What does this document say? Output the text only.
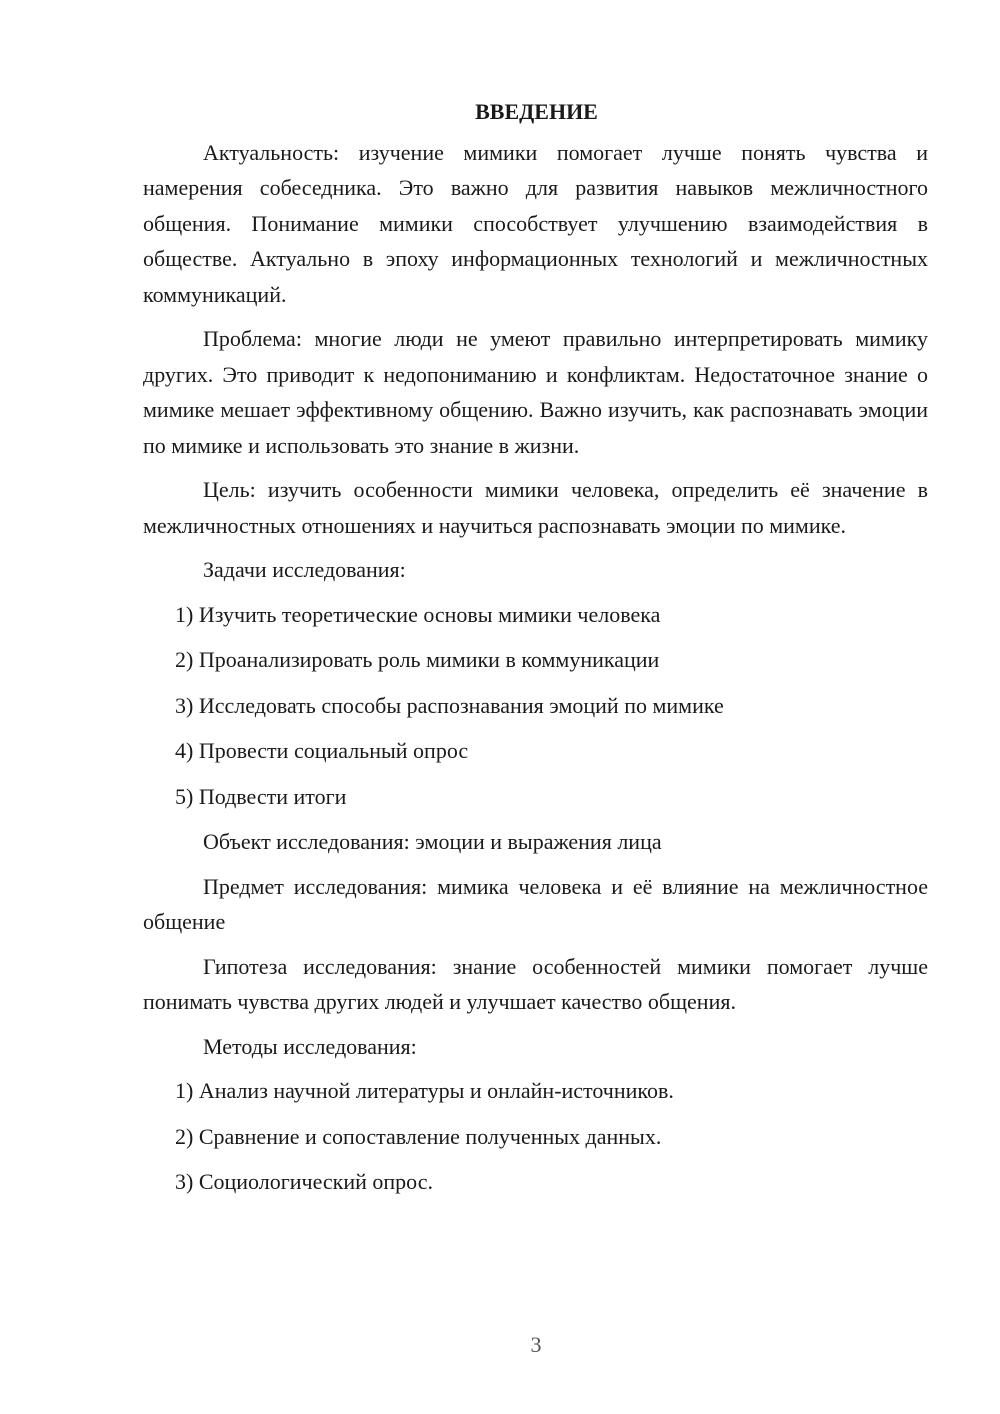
ВВЕДЕНИЕ

Актуальность: изучение мимики помогает лучше понять чувства и намерения собеседника. Это важно для развития навыков межличностного общения. Понимание мимики способствует улучшению взаимодействия в обществе. Актуально в эпоху информационных технологий и межличностных коммуникаций.

Проблема: многие люди не умеют правильно интерпретировать мимику других. Это приводит к недопониманию и конфликтам. Недостаточное знание о мимике мешает эффективному общению. Важно изучить, как распознавать эмоции по мимике и использовать это знание в жизни.

Цель: изучить особенности мимики человека, определить её значение в межличностных отношениях и научиться распознавать эмоции по мимике.

Задачи исследования:

1) Изучить теоретические основы мимики человека
2) Проанализировать роль мимики в коммуникации
3) Исследовать способы распознавания эмоций по мимике
4) Провести социальный опрос
5) Подвести итоги

Объект исследования: эмоции и выражения лица

Предмет исследования: мимика человека и её влияние на межличностное общение

Гипотеза исследования: знание особенностей мимики помогает лучше понимать чувства других людей и улучшает качество общения.

Методы исследования:

1) Анализ научной литературы и онлайн-источников.
2) Сравнение и сопоставление полученных данных.
3) Социологический опрос.
3
